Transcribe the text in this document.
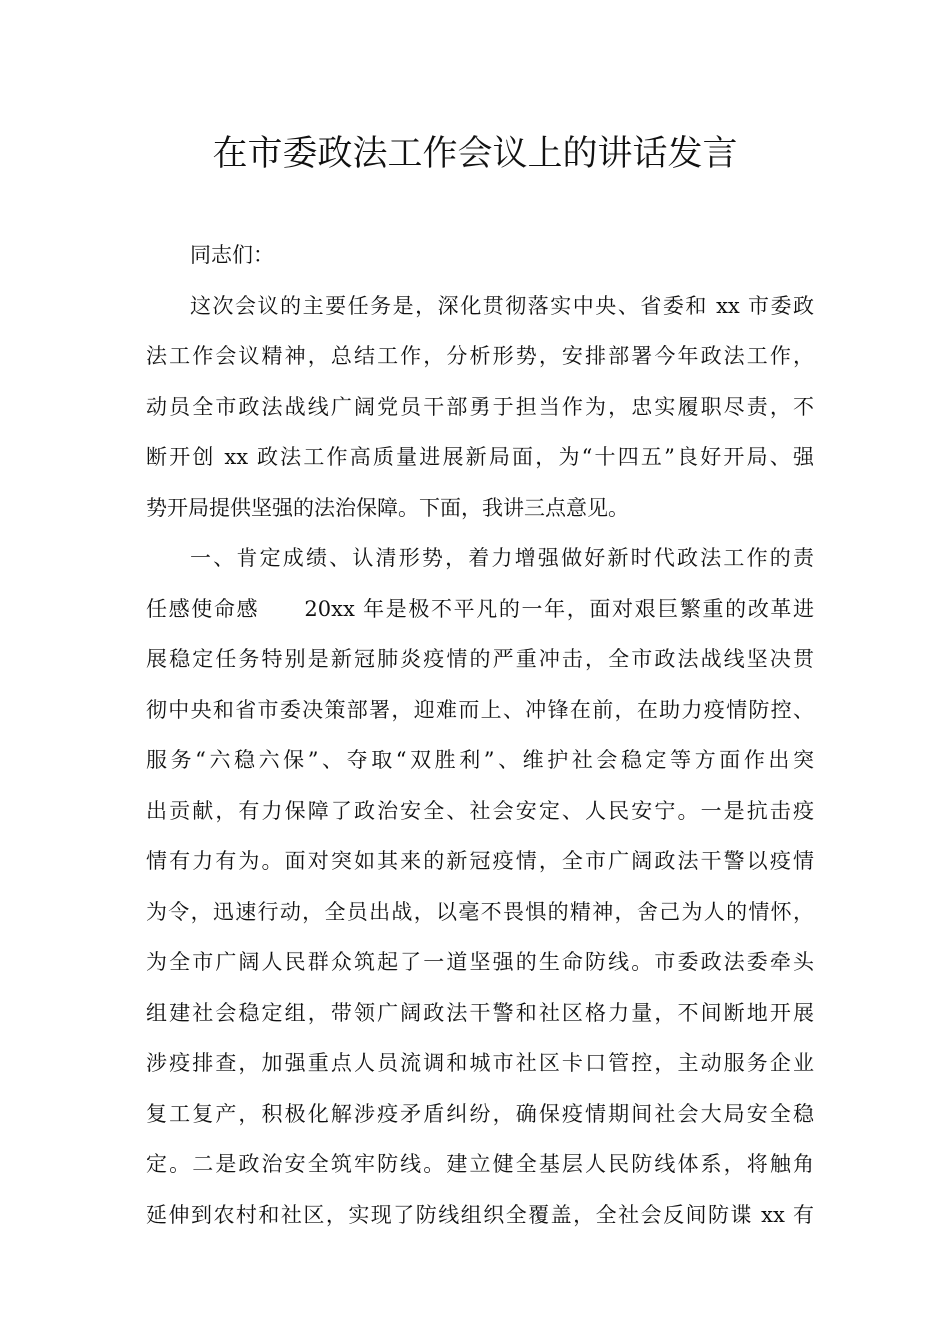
在市委政法工作会议上的讲话发言
同志们：
这次会议的主要任务是，深化贯彻落实中央、省委和 xx 市委政
法工作会议精神，总结工作，分析形势，安排部署今年政法工作，
动员全市政法战线广阔党员干部勇于担当作为，忠实履职尽责，不
断开创 xx 政法工作高质量进展新局面，为“十四五”良好开局、强
势开局提供坚强的法治保障。下面，我讲三点意见。
一、肯定成绩、认清形势，着力增强做好新时代政法工作的责
任感使命感　　20xx 年是极不平凡的一年，面对艰巨繁重的改革进
展稳定任务特别是新冠肺炎疫情的严重冲击，全市政法战线坚决贯
彻中央和省市委决策部署，迎难而上、冲锋在前，在助力疫情防控、
服务“六稳六保”、夺取“双胜利”、维护社会稳定等方面作出突
出贡献，有力保障了政治安全、社会安定、人民安宁。一是抗击疫
情有力有为。面对突如其来的新冠疫情，全市广阔政法干警以疫情
为令，迅速行动，全员出战，以毫不畏惧的精神，舍己为人的情怀，
为全市广阔人民群众筑起了一道坚强的生命防线。市委政法委牵头
组建社会稳定组，带领广阔政法干警和社区格力量，不间断地开展
涉疫排查，加强重点人员流调和城市社区卡口管控，主动服务企业
复工复产，积极化解涉疫矛盾纠纷，确保疫情期间社会大局安全稳
定。二是政治安全筑牢防线。建立健全基层人民防线体系，将触角
延伸到农村和社区，实现了防线组织全覆盖，全社会反间防谍 xx 有
